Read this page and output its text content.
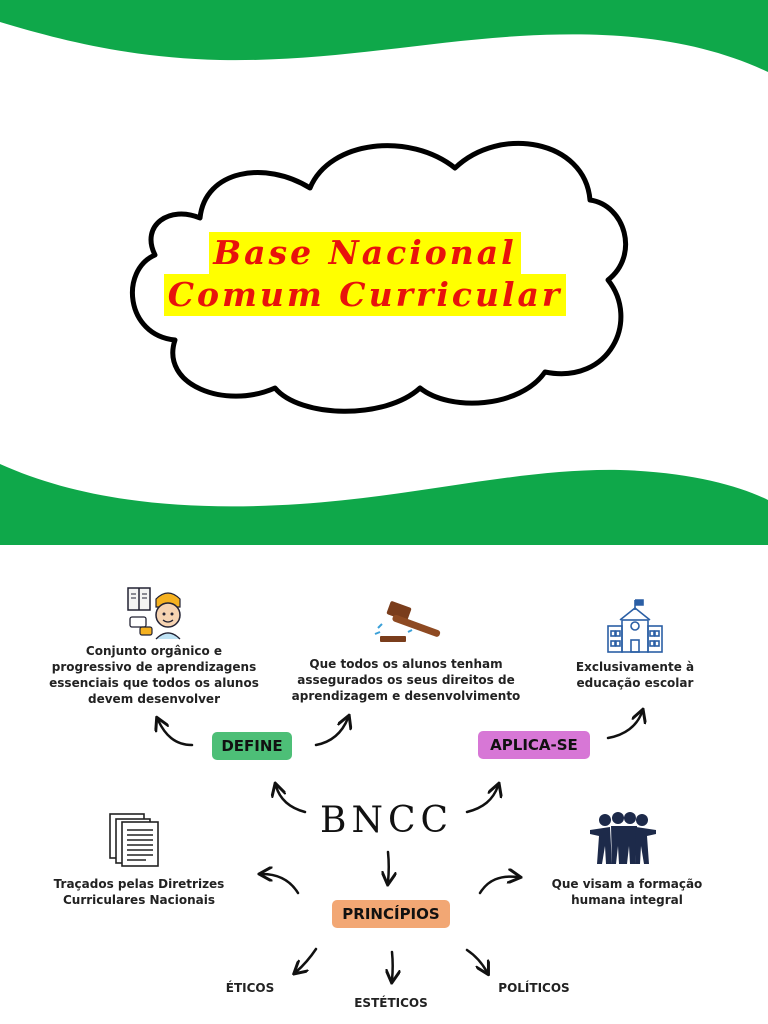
Base Nacional
Comum Curricular
Conjunto orgânico e progressivo de aprendizagens essenciais que todos os alunos devem desenvolver
Que todos os alunos tenham assegurados os seus direitos de aprendizagem e desenvolvimento
Exclusivamente à educação escolar
Traçados pelas Diretrizes Curriculares Nacionais
Que visam a formação humana integral
DEFINE	APLICA-SE
PRINCÍPIOS
BNCC
ÉTICOS
ESTÉTICOS
POLÍTICOS
